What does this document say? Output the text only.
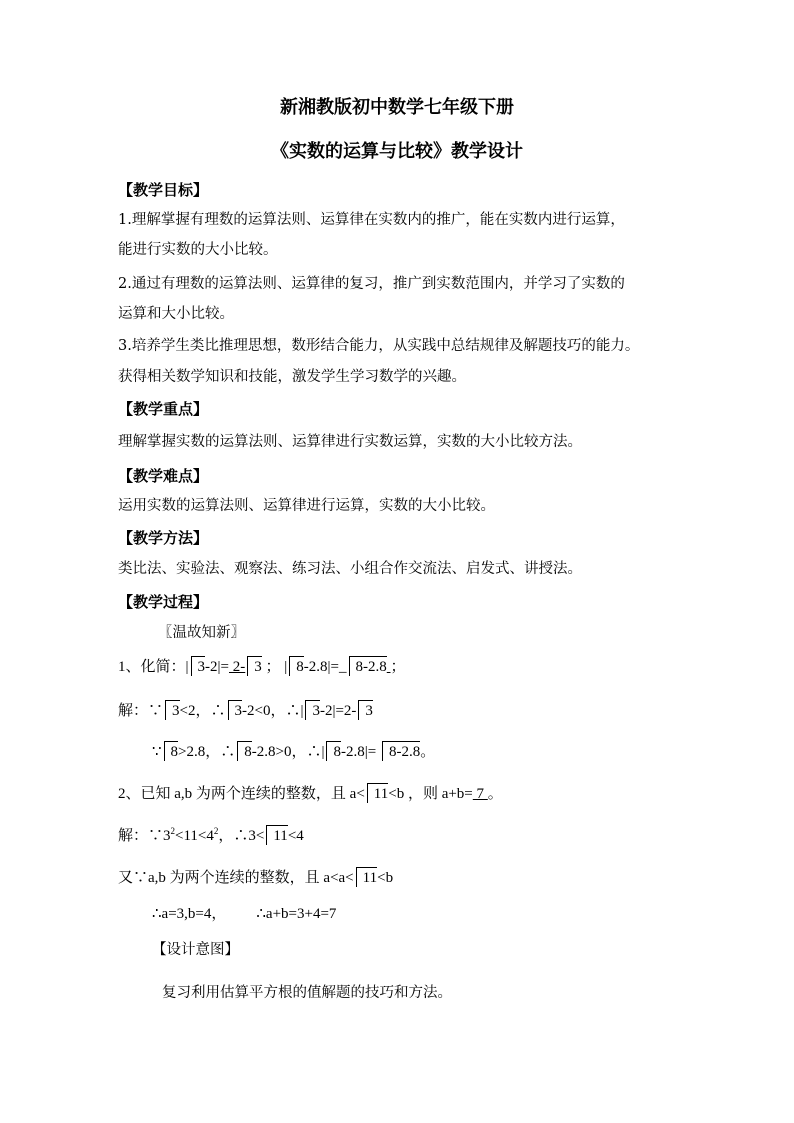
新湘教版初中数学七年级下册
《实数的运算与比较》教学设计
【教学目标】
1.理解掌握有理数的运算法则、运算律在实数内的推广，能在实数内进行运算，
能进行实数的大小比较。
2.通过有理数的运算法则、运算律的复习，推广到实数范围内，并学习了实数的
运算和大小比较。
3.培养学生类比推理思想，数形结合能力，从实践中总结规律及解题技巧的能力。
获得相关数学知识和技能，激发学生学习数学的兴趣。
【教学重点】
理解掌握实数的运算法则、运算律进行实数运算，实数的大小比较方法。
【教学难点】
运用实数的运算法则、运算律进行运算，实数的大小比较。
【教学方法】
类比法、实验法、观察法、练习法、小组合作交流法、启发式、讲授法。
【教学过程】
〖温故知新〗
1、化简：| 3-2|= 2- 3 ； | 8-2.8|=_ 8-2.8 ；
解：∵ 3<2，∴ 3-2<0，∴| 3-2|=2- 3
∵ 8>2.8，∴ 8-2.8>0，∴| 8-2.8|= 8-2.8。
2、已知 a,b 为两个连续的整数，且 a< 11<b ，则 a+b= 7 。
解：$\because 3^2<11<4^2$，∴3< 11<4
又∵a,b 为两个连续的整数，且 a<a< 11<b
∴a=3,b=4， ∴a+b=3+4=7
【设计意图】
复习利用估算平方根的值解题的技巧和方法。
